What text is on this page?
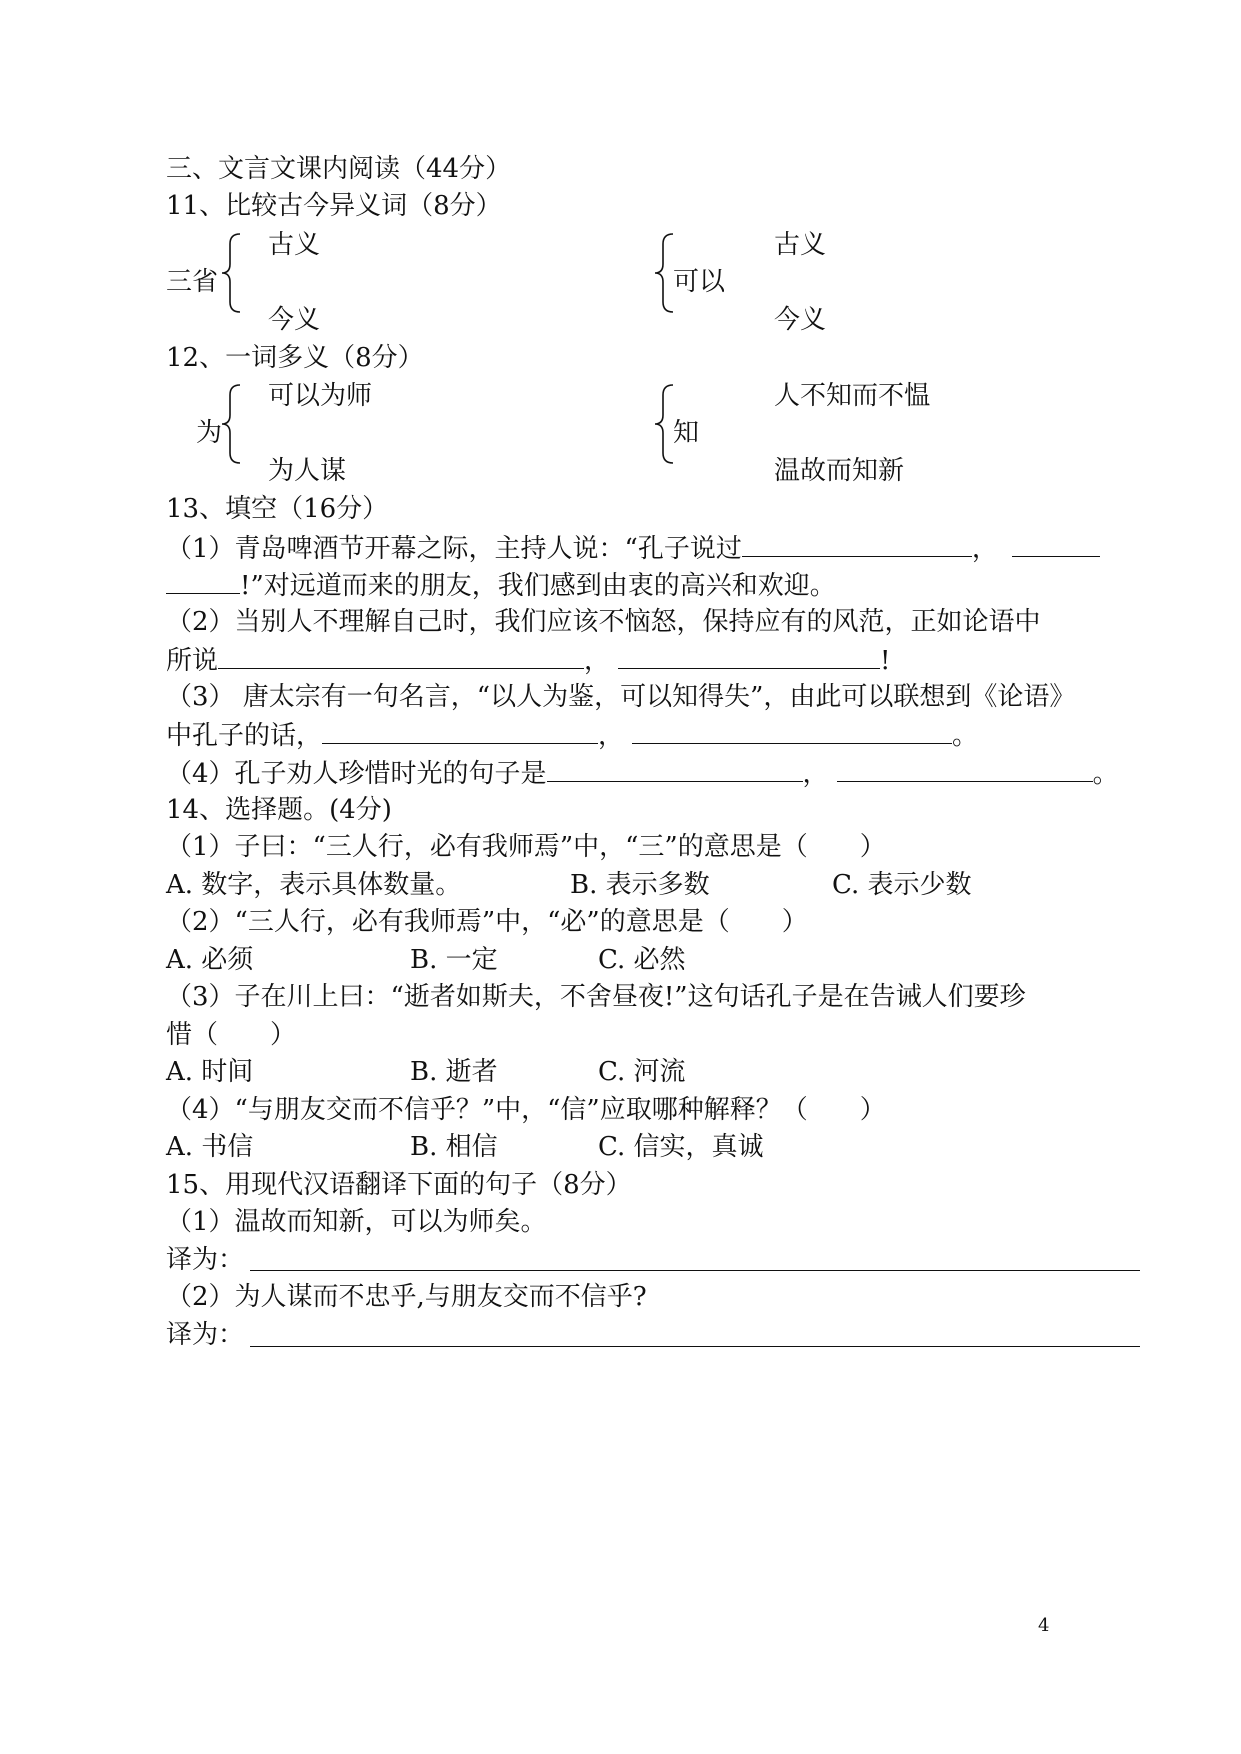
三、文言文课内阅读（44分）
11、比较古今异义词（8分）
三省
古义
今义
可以
古义
今义
12、一词多义（8分）
为
可以为师
为人谋
知
人不知而不愠
温故而知新
13、填空（16分）
（1）青岛啤酒节开幕之际，主持人说：“孔子说过	，
!”对远道而来的朋友，我们感到由衷的高兴和欢迎。
（2）当别人不理解自己时，我们应该不恼怒，保持应有的风范，正如论语中
所说	，	!
（3） 唐太宗有一句名言，“以人为鉴，可以知得失”，由此可以联想到《论语》
中孔子的话，	，	。
（4）孔子劝人珍惜时光的句子是	，	。
14、选择题。(4分)
（1）子曰：“三人行，必有我师焉”中，“三”的意思是（　　）
A. 数字，表示具体数量。	B. 表示多数	C. 表示少数
（2）“三人行，必有我师焉”中，“必”的意思是（　　）
A. 必须	B. 一定	C. 必然
（3）子在川上曰：“逝者如斯夫，不舍昼夜!”这句话孔子是在告诫人们要珍
惜（　　）
A. 时间	B. 逝者	C. 河流
（4）“与朋友交而不信乎？”中，“信”应取哪种解释？（　　）
A. 书信	B. 相信	C. 信实，真诚
15、用现代汉语翻译下面的句子（8分）
（1）温故而知新，可以为师矣。
译为：
（2）为人谋而不忠乎,与朋友交而不信乎?
译为：
4
